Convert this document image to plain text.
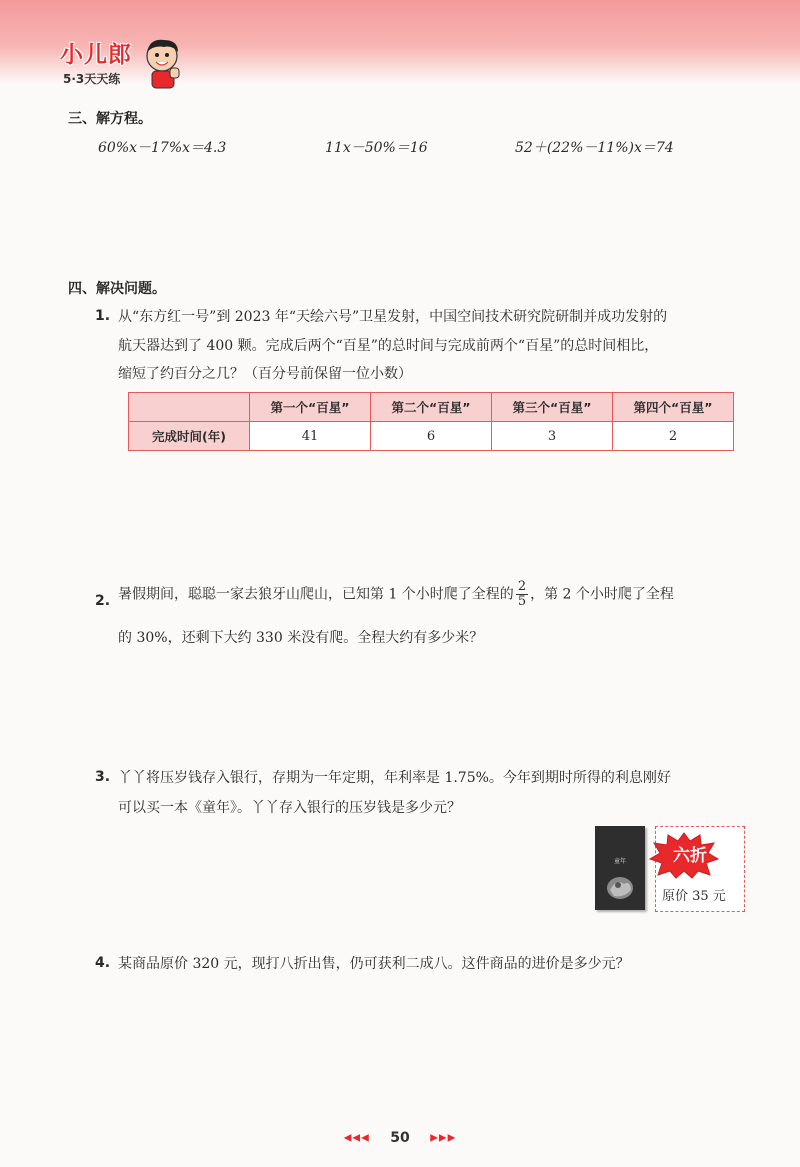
小儿郎
5·3天天练
三、解方程。
60%x－17%x＝4.3	11x－50%＝16	52＋(22%－11%)x＝74
四、解决问题。
1. 从“东方红一号”到 2023 年“天绘六号”卫星发射，中国空间技术研究院研制并成功发射的
航天器达到了 400 颗。完成后两个“百星”的总时间与完成前两个“百星”的总时间相比，
缩短了约百分之几？（百分号前保留一位小数）
	第一个“百星”	第二个“百星”	第三个“百星”	第四个“百星”
完成时间(年)	41	6	3	2
2. 暑假期间，聪聪一家去狼牙山爬山，已知第 1 个小时爬了全程的 $\frac{2}{5}$ ，第 2 个小时爬了全程
的 30%，还剩下大约 330 米没有爬。全程大约有多少米？
3. 丫丫将压岁钱存入银行，存期为一年定期，年利率是 1.75%。今年到期时所得的利息刚好
可以买一本《童年》。丫丫存入银行的压岁钱是多少元？
童年	六折
原价 35 元
4. 某商品原价 320 元，现打八折出售，仍可获利二成八。这件商品的进价是多少元？
◀◀◀ 50 ▶▶▶
